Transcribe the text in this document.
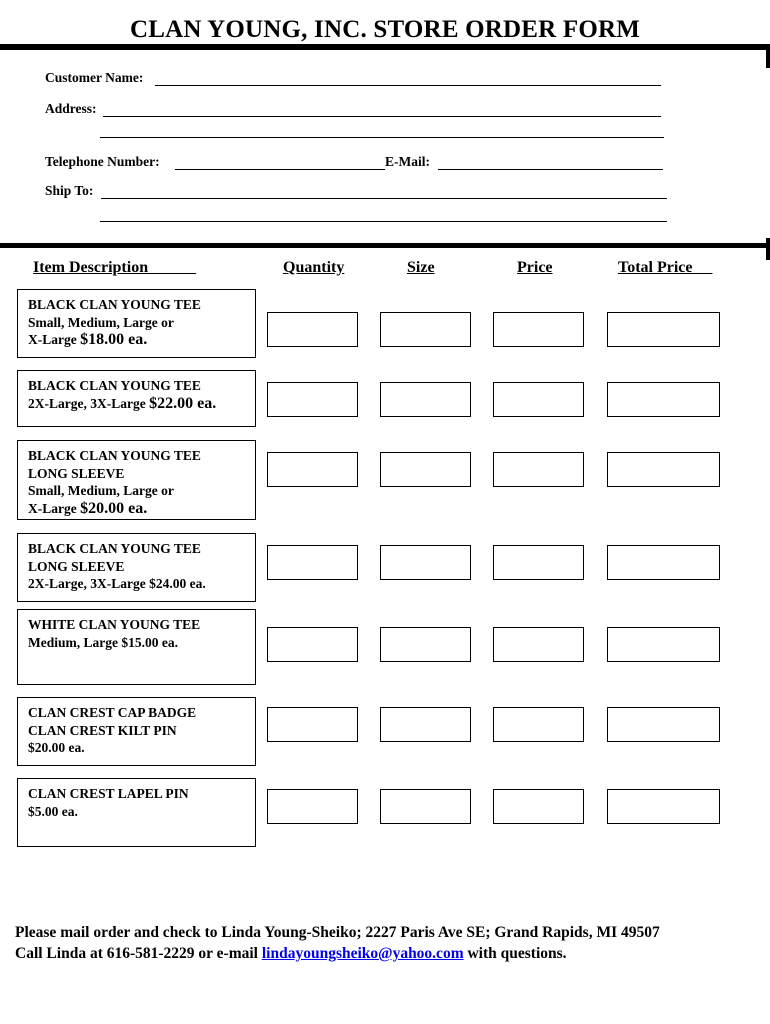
CLAN YOUNG, INC. STORE ORDER FORM
Customer Name:
Address:
Telephone Number:	E-Mail:
Ship To:
Item Description	Quantity	Size	Price	Total Price
BLACK CLAN YOUNG TEE
Small, Medium, Large or
X-Large $18.00 ea.
BLACK CLAN YOUNG TEE
2X-Large, 3X-Large $22.00 ea.
BLACK CLAN YOUNG TEE
LONG SLEEVE
Small, Medium, Large or
X-Large $20.00 ea.
BLACK CLAN YOUNG TEE
LONG SLEEVE
2X-Large, 3X-Large $24.00 ea.
WHITE CLAN YOUNG TEE
Medium, Large $15.00 ea.
CLAN CREST CAP BADGE
CLAN CREST KILT PIN
$20.00 ea.
CLAN CREST LAPEL PIN
$5.00 ea.
Please mail order and check to Linda Young-Sheiko; 2227 Paris Ave SE; Grand Rapids, MI 49507
Call Linda at 616-581-2229 or e-mail lindayoungsheiko@yahoo.com with questions.
